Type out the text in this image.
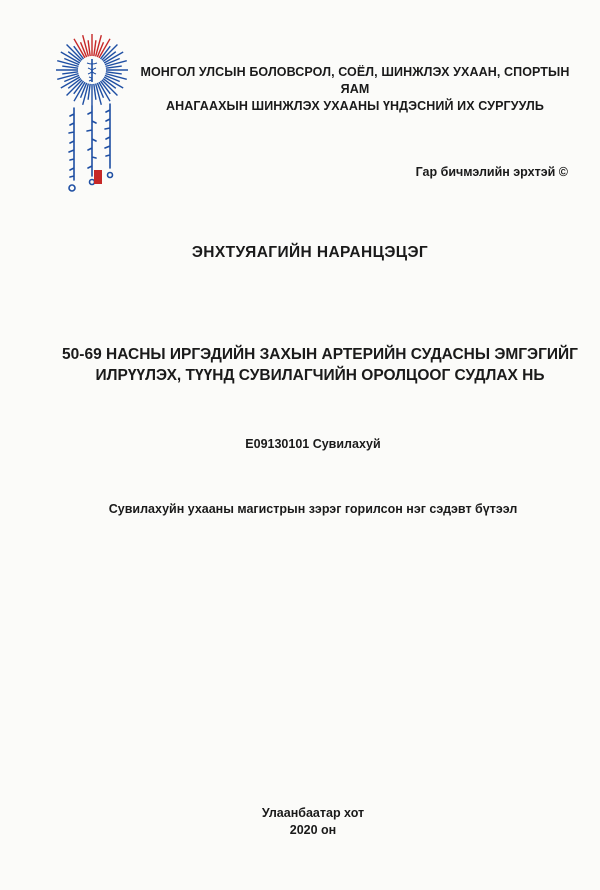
МОНГОЛ УЛСЫН БОЛОВСРОЛ, СОЁЛ, ШИНЖЛЭХ УХААН, СПОРТЫН ЯАМ
АНАГААХЫН ШИНЖЛЭХ УХААНЫ ҮНДЭСНИЙ ИХ СУРГУУЛЬ
Гар бичмэлийн эрхтэй ©
ЭНХТУЯАГИЙН НАРАНЦЭЦЭГ
50-69 НАСНЫ ИРГЭДИЙН ЗАХЫН АРТЕРИЙН СУДАСНЫ ЭМГЭГИЙГ
ИЛРҮҮЛЭХ, ТҮҮНД СУВИЛАГЧИЙН ОРОЛЦООГ СУДЛАХ НЬ
E09130101 Сувилахуй
Сувилахуйн ухааны магистрын зэрэг горилсон нэг сэдэвт бүтээл
Улаанбаатар хот
2020 он
